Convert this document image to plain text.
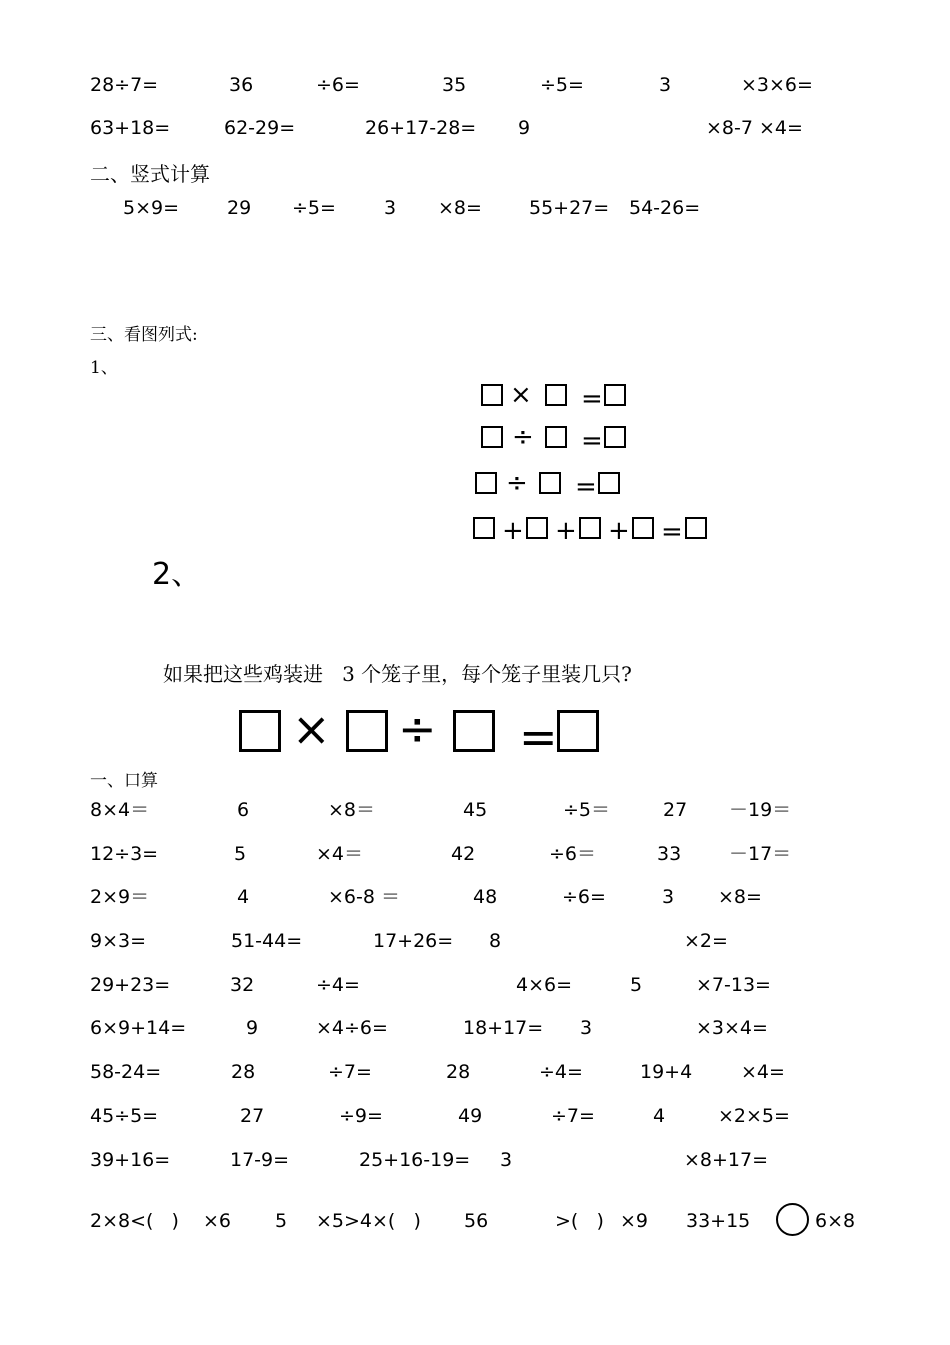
28÷7=	36	÷6=	35	÷5=	3	×3×6=
63+18=	62-29=	26+17-28= 9	×8-7 ×4=
二、竖式计算
5×9=	29 ÷5=	3 ×8= 55+27= 54-26=
三、看图列式:
1、
× =
÷ =
÷ =
+ + + =
2、
如果把这些鸡装进   3 个笼子里，每个笼子里装几只?
× ÷ =
一、口算
8×4＝	6	×8＝	45	÷5＝	27 －19＝
12÷3=	5	×4＝	42	÷6＝	33	－17＝
2×9＝	4	×6-8 ＝	48	÷6=	3 ×8=
9×3=	51-44=	17+26= 8	×2=
29+23=	32	÷4=	4×6=	5	×7-13=
6×9+14=	9	×4÷6=	18+17= 3	×3×4=
58-24=	28	÷7=	28	÷4=	19+4	×4=
45÷5=	27	÷9=	49	÷7=	4	×2×5=
39+16=	17-9=	25+16-19= 3	×8+17=
2×8<(   ) ×6 5 ×5>4×(   ) 56	>(   ) ×9 33+15	6×8
